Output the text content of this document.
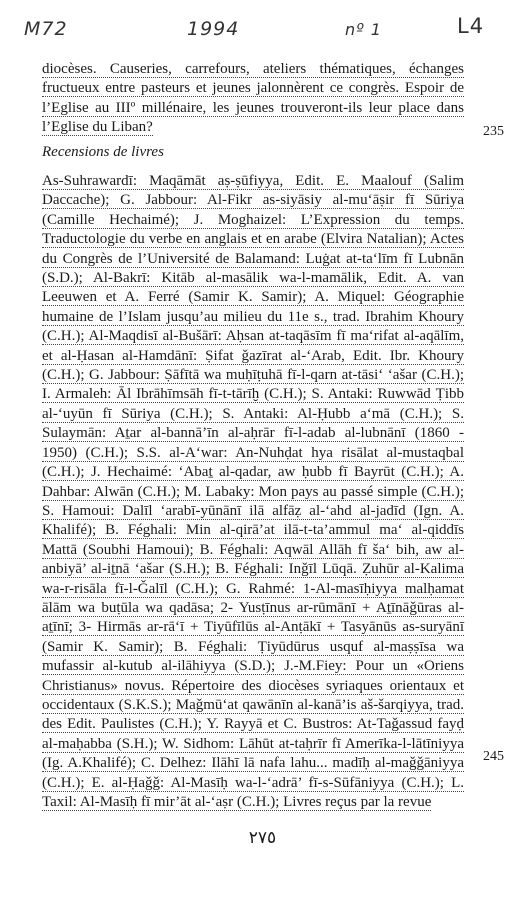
M72	1994	nº 1	L4
diocèses. Causeries, carrefours, ateliers thématiques, échanges fructueux entre pasteurs et jeunes jalonnèrent ce congrès. Espoir de l’Eglise au IIIº millénaire, les jeunes trouveront-ils leur place dans l’Eglise du Liban?	235
Recensions de livres
As-Suhrawardī: Maqāmāt aṣ-ṣūfiyya, Edit. E. Maalouf (Salim Daccache); G. Jabbour: Al-Fikr as-siyāsiy al-mu‘āṣir fī Sūriya (Camille Hechaimé); J. Moghaizel: L’Expression du temps. Traductologie du verbe en anglais et en arabe (Elvira Natalian); Actes du Congrès de l’Université de Balamand: Luġat at-ta‘līm fī Lubnān (S.D.); Al-Bakrī: Kitāb al-masālik wa-l-mamālik, Edit. A. van Leeuwen et A. Ferré (Samir K. Samir); A. Miquel: Géographie humaine de l’Islam jusqu’au milieu du 11e s., trad. Ibrahim Khoury (C.H.); Al-Maqdisī al-Bušārī: Aḥsan at-taqāsīm fī ma‘rifat al-aqālīm, et al-Ḥasan al-Hamdānī: Ṣifat ǧazīrat al-‘Arab, Edit. Ibr. Khoury (C.H.); G. Jabbour: Ṣāfītā wa muḥīṭuhā fī-l-qarn at-tāsi‘ ‘ašar (C.H.); I. Armaleh: Āl Ibrāhīmsāh fī-t-tārīḫ (C.H.); S. Antaki: Ruwwād Ṭibb al-‘uyūn fī Sūriya (C.H.); S. Antaki: Al-Ḥubb a‘mā (C.H.); S. Sulaymān: Aṯar al-bannā’īn al-aḥrār fī-l-adab al-lubnānī (1860 - 1950) (C.H.); S.S. al-A‘war: An-Nuhḍat hya risālat al-mustaqbal (C.H.); J. Hechaimé: ‘Abaṯ al-qadar, aw ḥubb fī Bayrūt (C.H.); A. Dahbar: Alwān (C.H.); M. Labaky: Mon pays au passé simple (C.H.); S. Hamoui: Dalīl ‘arabī-yūnānī ilā alfāẓ al-‘ahd al-jadīd (Ign. A. Khalifé); B. Féghali: Min al-qirā’at ilā-t-ta’ammul ma‘ al-qiddīs Mattā (Soubhi Hamoui); B. Féghali: Aqwāl Allāh fī ša‘ bih, aw al-anbiyā’ al-iṯnā ‘ašar (S.H.); B. Féghali: Inǧīl Lūqā. Ẓuhūr al-Kalima wa-r-risāla fī-l-Ǧalīl (C.H.); G. Rahmé: 1-Al-masīḥiyya malḥamat ālām wa buṭūla wa qadāsa; 2- Yusṭīnus ar-rūmānī + Aṯīnāǧūras al-aṯīnī; 3- Hirmās ar-rā‘ī + Tiyūfīlūs al-Anṭākī + Tasyānūs as-suryānī (Samir K. Samir); B. Féghali: Ṭiyūdūrus usquf al-maṣṣīsa wa mufassir al-kutub al-ilāhiyya (S.D.); J.-M.Fiey: Pour un «Oriens Christianus» novus. Répertoire des diocèses syriaques orientaux et occidentaux (S.K.S.); Maǧmū‘at qawānīn al-kanā’is aš-šarqiyya, trad. des Edit. Paulistes (C.H.); Y. Rayyā et C. Bustros: At-Taǧassud fayḍ al-maḥabba (S.H.); W. Sidhom: Lāhūt at-taḥrīr fī Amerīka-l-lātīniyya (Ig. A.Khalifé); C. Delhez: Ilāhī lā nafa lahu... madīḥ al-maǧǧāniyya (C.H.); E. al-Ḥaǧǧ: Al-Masīḥ wa-l-‘adrā’ fī-s-Sūfāniyya (C.H.); L. Taxil: Al-Masīḥ fī mir’āt al-‘aṣr (C.H.); Livres reçus par la revue
245
٢٧٥
